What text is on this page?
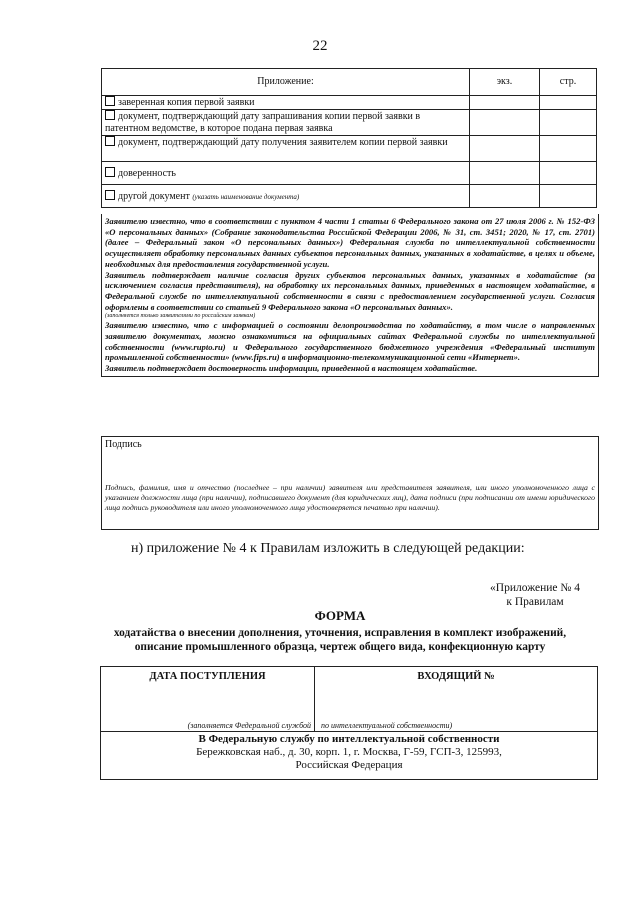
22
Приложение:	экз.	стр.
заверенная копия первой заявки		
документ, подтверждающий дату запрашивания копии первой заявки в патентном ведомстве, в которое подана первая заявка		
документ, подтверждающий дату получения заявителем копии первой заявки		
доверенность		
другой документ (указать наименование документа)		

Заявителю известно, что в соответствии с пунктом 4 части 1 статьи 6 Федерального закона от 27 июля 2006 г. № 152-ФЗ «О персональных данных» (Собрание законодательства Российской Федерации 2006, № 31, ст. 3451; 2020, № 17, ст. 2701) (далее – Федеральный закон «О персональных данных») Федеральная служба по интеллектуальной собственности осуществляет обработку персональных данных субъектов персональных данных, указанных в ходатайстве, в целях и объеме, необходимых для предоставления государственной услуги.

Заявитель подтверждает наличие согласия других субъектов персональных данных, указанных в ходатайстве (за исключением согласия представителя), на обработку их персональных данных, приведенных в настоящем ходатайстве, в Федеральной службе по интеллектуальной собственности в связи с предоставлением государственной услуги. Согласия оформлены в соответствии со статьей 9 Федерального закона «О персональных данных».

(заполняется только заявителями по российским заявкам)

Заявителю известно, что с информацией о состоянии делопроизводства по ходатайству, в том числе о направленных заявителю документах, можно ознакомиться на официальных сайтах Федеральной службы по интеллектуальной собственности (www.rupto.ru) и Федерального государственного бюджетного учреждения «Федеральный институт промышленной собственности» (www.fips.ru) в информационно-телекоммуникационной сети «Интернет».

Заявитель подтверждает достоверность информации, приведенной в настоящем ходатайстве.

Подпись
Подпись, фамилия, имя и отчество (последнее – при наличии) заявителя или представителя заявителя, или иного уполномоченного лица с указанием должности лица (при наличии), подписавшего документ (для юридических лиц), дата подписи (при подписании от имени юридического лица подпись руководителя или иного уполномоченного лица удостоверяется печатью при наличии).
н) приложение № 4 к Правилам изложить в следующей редакции:
«Приложение № 4
к Правилам
ФОРМА
ходатайства о внесении дополнения, уточнения, исправления в комплект изображений,
описание промышленного образца, чертеж общего вида, конфекционную карту
ДАТА ПОСТУПЛЕНИЯ
(заполняется Федеральной службой
ВХОДЯЩИЙ №
по интеллектуальной собственности)
В Федеральную службу по интеллектуальной собственности
Бережковская наб., д. 30, корп. 1, г. Москва, Г-59, ГСП-3, 125993,
Российская Федерация
